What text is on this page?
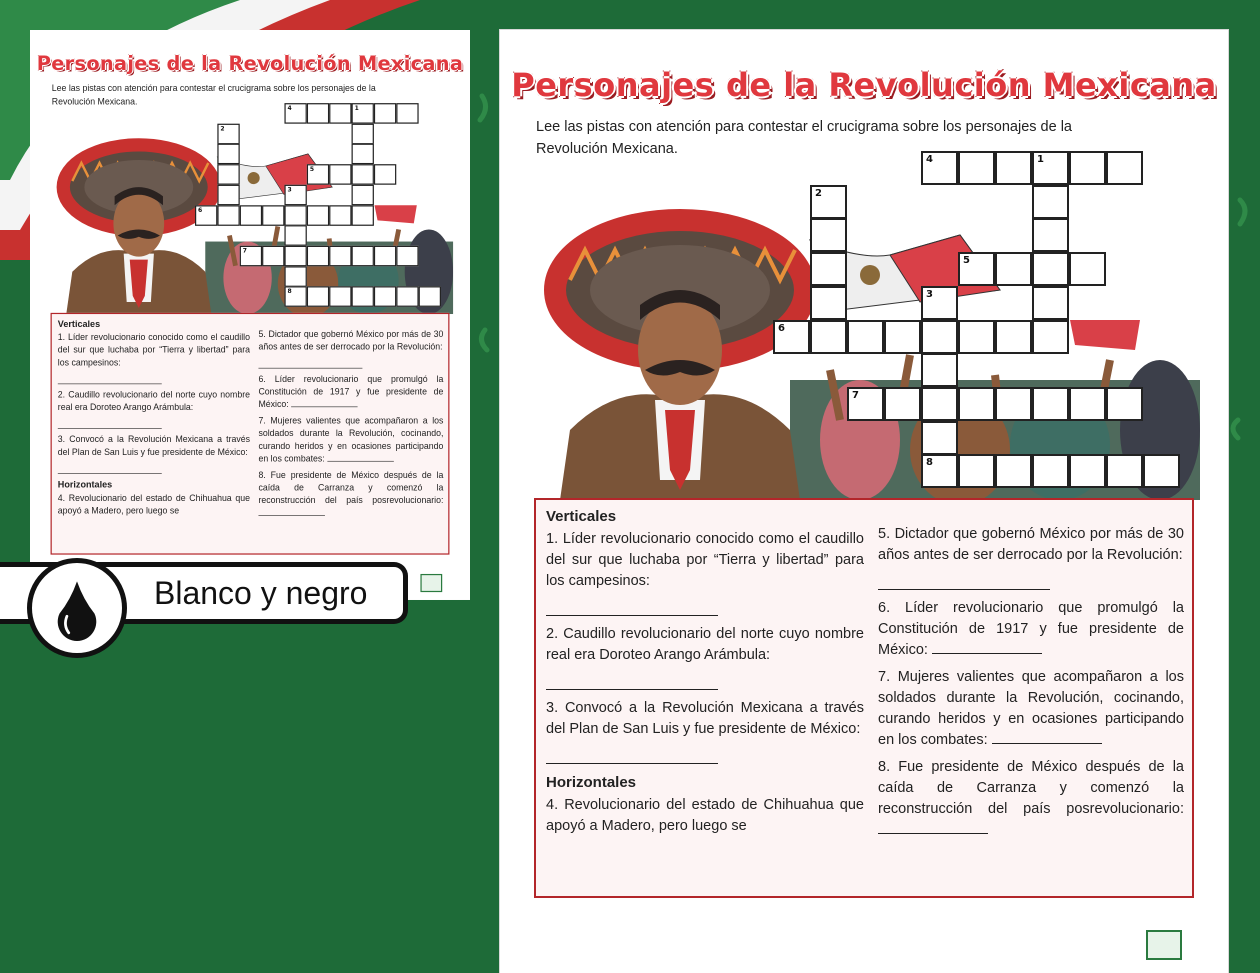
Personajes de la Revolución Mexicana
Lee las pistas con atención para contestar el crucigrama sobre los personajes de la Revolución Mexicana.
4	1
2
5
3
8
6
7
Verticales

1. Líder revolucionario conocido como el caudillo del sur que luchaba por “Tierra y libertad” para los campesinos:

2. Caudillo revolucionario del norte cuyo nombre real era Doroteo Arango Arámbula:

3. Convocó a la Revolución Mexicana a través del Plan de San Luis y fue presidente de México:

Horizontales

4. Revolucionario del estado de Chihuahua que apoyó a Madero, pero luego se

5. Dictador que gobernó México por más de 30 años antes de ser derrocado por la Revolución:

6. Líder revolucionario que promulgó la Constitución de 1917 y fue presidente de México:

7. Mujeres valientes que acompañaron a los soldados durante la Revolución, cocinando, curando heridos y en ocasiones participando en los combates:

8. Fue presidente de México después de la caída de Carranza y comenzó la reconstrucción del país posrevolucionario:

Personajes de la Revolución Mexicana
Lee las pistas con atención para contestar el crucigrama sobre los personajes de la Revolución Mexicana.
4	1
2
5
3
8
6
7
Verticales

1. Líder revolucionario conocido como el caudillo del sur que luchaba por “Tierra y libertad” para los campesinos:

2. Caudillo revolucionario del norte cuyo nombre real era Doroteo Arango Arámbula:

3. Convocó a la Revolución Mexicana a través del Plan de San Luis y fue presidente de México:

Horizontales

4. Revolucionario del estado de Chihuahua que apoyó a Madero, pero luego se

5. Dictador que gobernó México por más de 30 años antes de ser derrocado por la Revolución:

6. Líder revolucionario que promulgó la Constitución de 1917 y fue presidente de México:

7. Mujeres valientes que acompañaron a los soldados durante la Revolución, cocinando, curando heridos y en ocasiones participando en los combates:

8. Fue presidente de México después de la caída de Carranza y comenzó la reconstrucción del país posrevolucionario:

Blanco y negro
